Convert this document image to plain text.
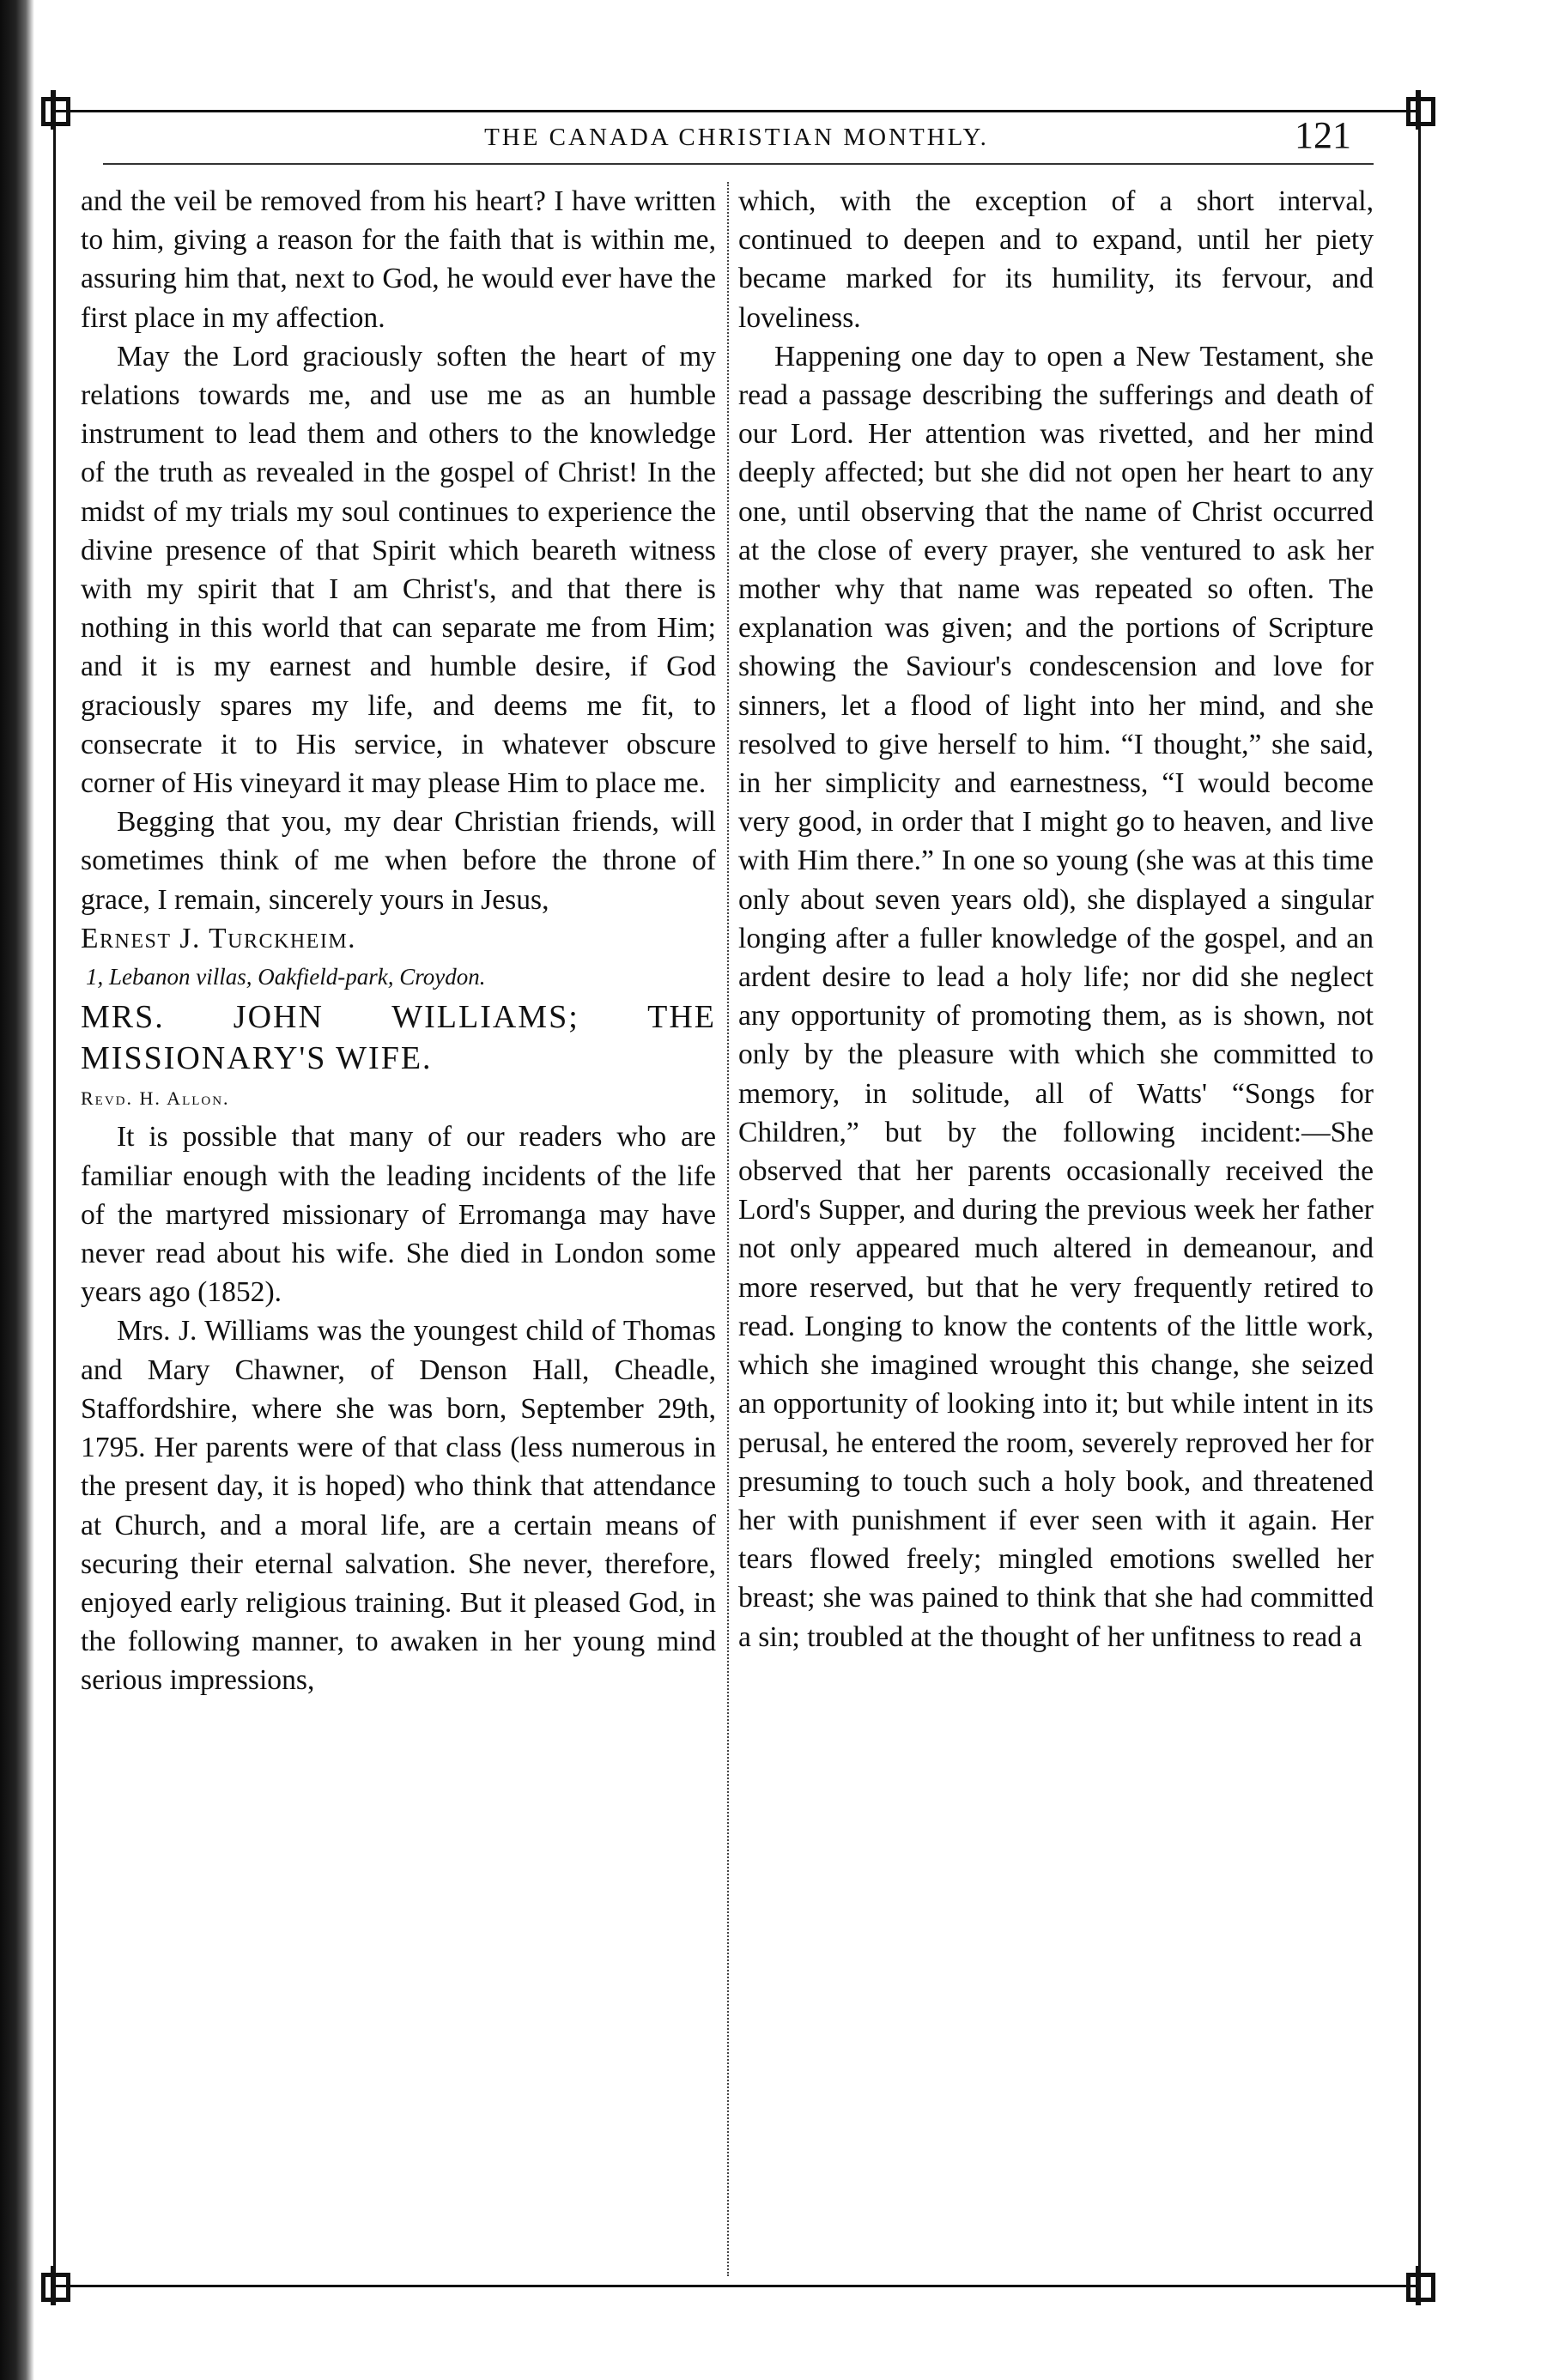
THE CANADA CHRISTIAN MONTHLY.	121

and the veil be removed from his heart? I have written to him, giving a reason for the faith that is within me, assuring him that, next to God, he would ever have the first place in my affection.

May the Lord graciously soften the heart of my relations towards me, and use me as an humble instrument to lead them and others to the knowledge of the truth as revealed in the gospel of Christ! In the midst of my trials my soul continues to experience the divine presence of that Spirit which beareth witness with my spirit that I am Christ's, and that there is nothing in this world that can separate me from Him; and it is my earnest and humble desire, if God graciously spares my life, and deems me fit, to consecrate it to His service, in whatever obscure corner of His vineyard it may please Him to place me.

Begging that you, my dear Christian friends, will sometimes think of me when before the throne of grace, I remain, sincerely yours in Jesus,

Ernest J. Turckheim.

1, Lebanon villas, Oakfield-park, Croydon.

MRS. JOHN WILLIAMS; THE MISSIONARY'S WIFE.

Revd. H. Allon.

It is possible that many of our readers who are familiar enough with the leading incidents of the life of the martyred missionary of Erromanga may have never read about his wife. She died in London some years ago (1852).

Mrs. J. Williams was the youngest child of Thomas and Mary Chawner, of Denson Hall, Cheadle, Staffordshire, where she was born, September 29th, 1795. Her parents were of that class (less numerous in the present day, it is hoped) who think that attendance at Church, and a moral life, are a certain means of securing their eternal salvation. She never, therefore, enjoyed early religious training. But it pleased God, in the following manner, to awaken in her young mind serious impressions,

which, with the exception of a short interval, continued to deepen and to expand, until her piety became marked for its humility, its fervour, and loveliness.

Happening one day to open a New Testament, she read a passage describing the sufferings and death of our Lord. Her attention was rivetted, and her mind deeply affected; but she did not open her heart to any one, until observing that the name of Christ occurred at the close of every prayer, she ventured to ask her mother why that name was repeated so often. The explanation was given; and the portions of Scripture showing the Saviour's condescension and love for sinners, let a flood of light into her mind, and she resolved to give herself to him. “I thought,” she said, in her simplicity and earnestness, “I would become very good, in order that I might go to heaven, and live with Him there.” In one so young (she was at this time only about seven years old), she displayed a singular longing after a fuller knowledge of the gospel, and an ardent desire to lead a holy life; nor did she neglect any opportunity of promoting them, as is shown, not only by the pleasure with which she committed to memory, in solitude, all of Watts' “Songs for Children,” but by the following incident:—She observed that her parents occasionally received the Lord's Supper, and during the previous week her father not only appeared much altered in demeanour, and more reserved, but that he very frequently retired to read. Longing to know the contents of the little work, which she imagined wrought this change, she seized an opportunity of looking into it; but while intent in its perusal, he entered the room, severely reproved her for presuming to touch such a holy book, and threatened her with punishment if ever seen with it again. Her tears flowed freely; mingled emotions swelled her breast; she was pained to think that she had committed a sin; troubled at the thought of her unfitness to read a
